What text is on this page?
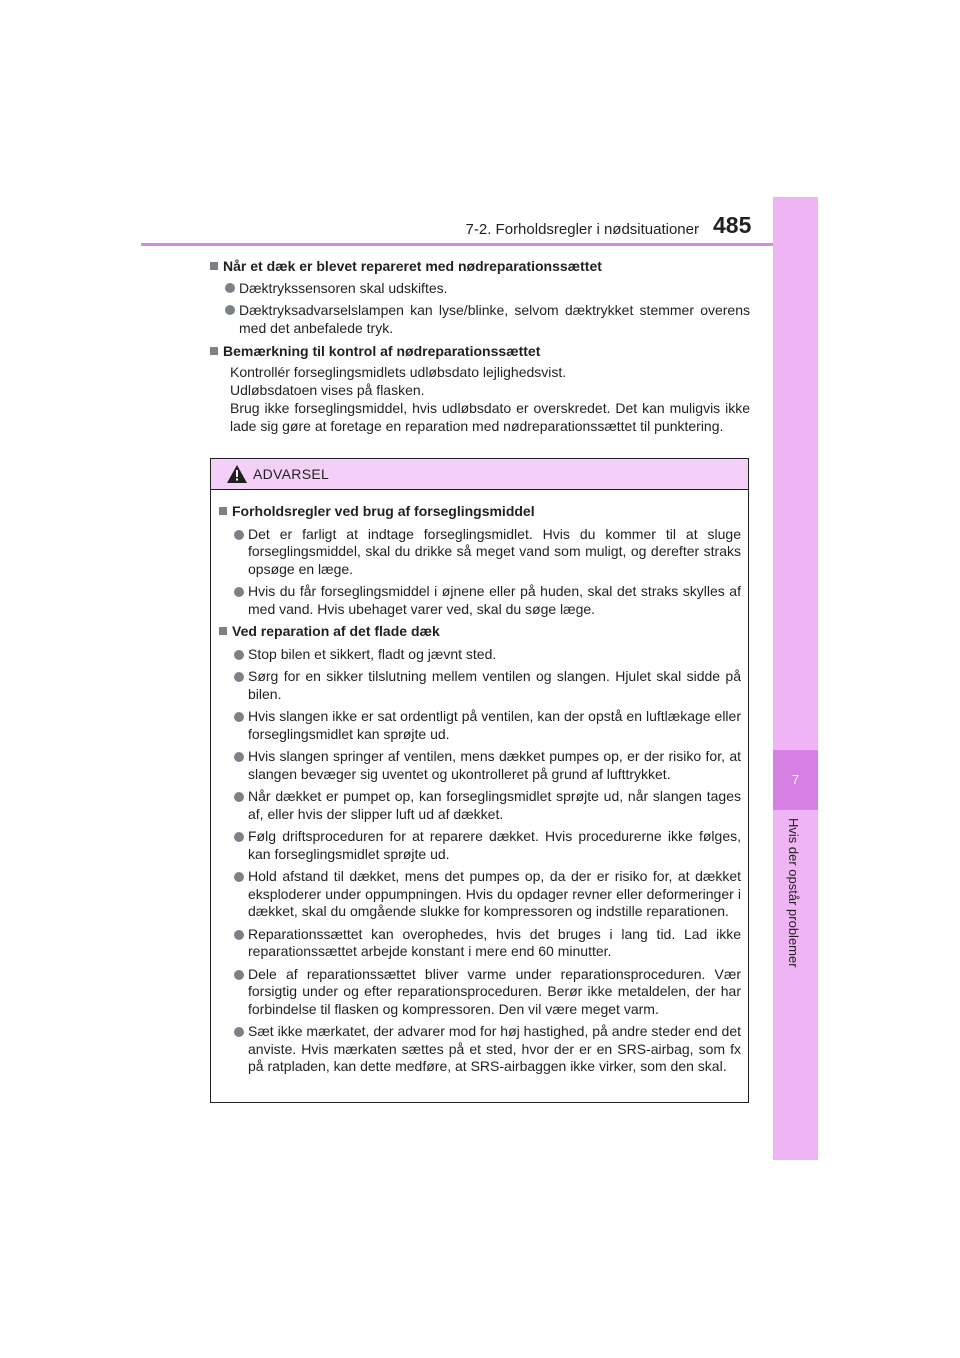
7-2. Forholdsregler i nødsituationer 485
7
Hvis der opstår problemer
Når et dæk er blevet repareret med nødreparationssættet
Dæktrykssensoren skal udskiftes.
Dæktryksadvarselslampen kan lyse/blinke, selvom dæktrykket stemmer overens med det anbefalede tryk.
Bemærkning til kontrol af nødreparationssættet
Kontrollér forseglingsmidlets udløbsdato lejlighedsvist.
Udløbsdatoen vises på flasken.
Brug ikke forseglingsmiddel, hvis udløbsdato er overskredet. Det kan muligvis ikke lade sig gøre at foretage en reparation med nødreparationssættet til punktering.
ADVARSEL
Forholdsregler ved brug af forseglingsmiddel
Det er farligt at indtage forseglingsmidlet. Hvis du kommer til at sluge forseglingsmiddel, skal du drikke så meget vand som muligt, og derefter straks opsøge en læge.
Hvis du får forseglingsmiddel i øjnene eller på huden, skal det straks skylles af med vand. Hvis ubehaget varer ved, skal du søge læge.
Ved reparation af det flade dæk
Stop bilen et sikkert, fladt og jævnt sted.
Sørg for en sikker tilslutning mellem ventilen og slangen. Hjulet skal sidde på bilen.
Hvis slangen ikke er sat ordentligt på ventilen, kan der opstå en luftlækage eller forseglingsmidlet kan sprøjte ud.
Hvis slangen springer af ventilen, mens dækket pumpes op, er der risiko for, at slangen bevæger sig uventet og ukontrolleret på grund af lufttrykket.
Når dækket er pumpet op, kan forseglingsmidlet sprøjte ud, når slangen tages af, eller hvis der slipper luft ud af dækket.
Følg driftsproceduren for at reparere dækket. Hvis procedurerne ikke følges, kan forseglingsmidlet sprøjte ud.
Hold afstand til dækket, mens det pumpes op, da der er risiko for, at dækket eksploderer under oppumpningen. Hvis du opdager revner eller deformeringer i dækket, skal du omgående slukke for kompressoren og indstille reparationen.
Reparationssættet kan overophedes, hvis det bruges i lang tid. Lad ikke reparationssættet arbejde konstant i mere end 60 minutter.
Dele af reparationssættet bliver varme under reparationsproceduren. Vær forsigtig under og efter reparationsproceduren. Berør ikke metaldelen, der har forbindelse til flasken og kompressoren. Den vil være meget varm.
Sæt ikke mærkatet, der advarer mod for høj hastighed, på andre steder end det anviste. Hvis mærkaten sættes på et sted, hvor der er en SRS-airbag, som fx på ratpladen, kan dette medføre, at SRS-airbaggen ikke virker, som den skal.
